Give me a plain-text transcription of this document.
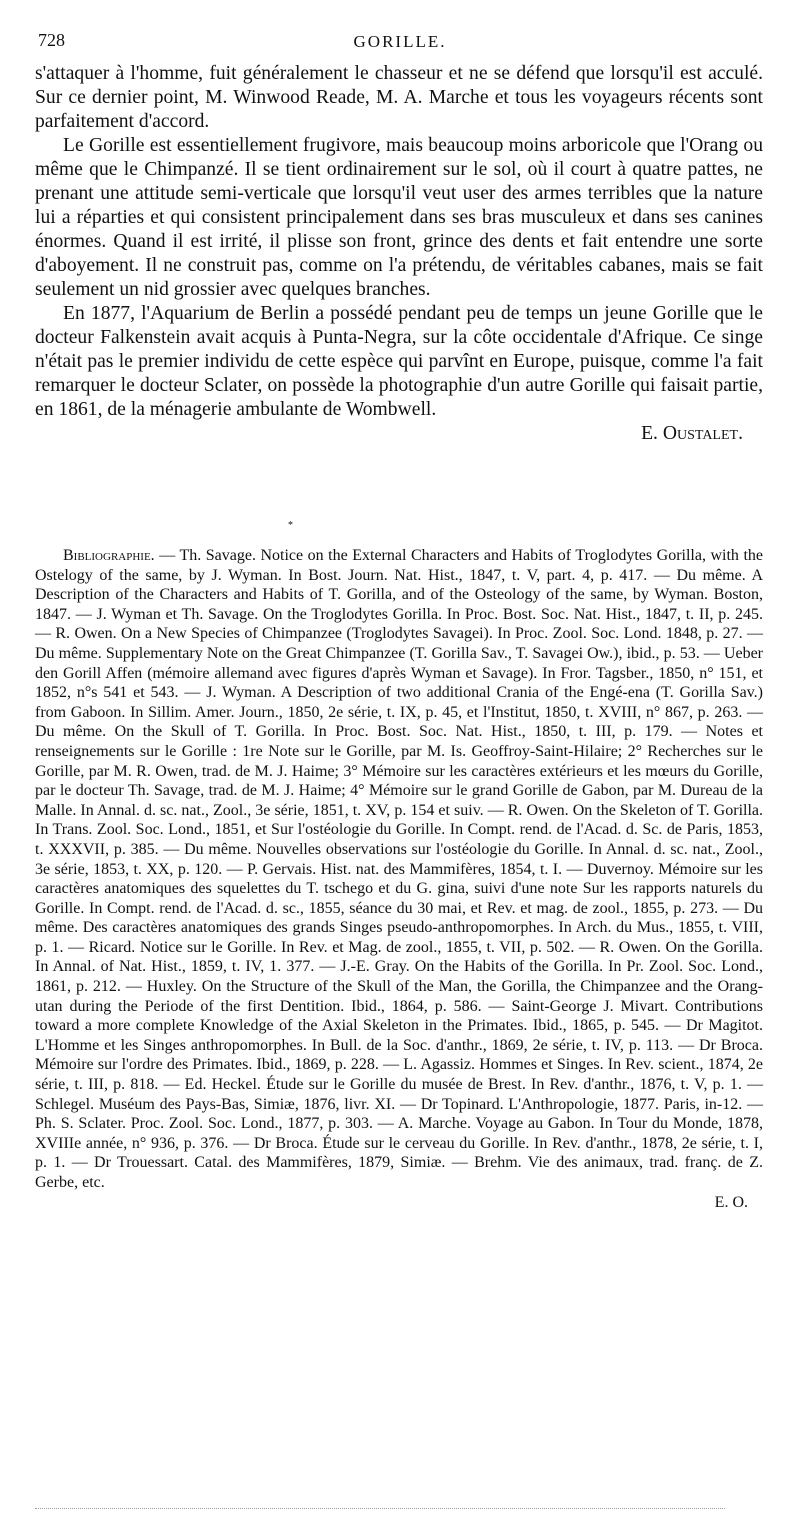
728	GORILLE.

s'attaquer à l'homme, fuit généralement le chasseur et ne se défend que lorsqu'il est acculé. Sur ce dernier point, M. Winwood Reade, M. A. Marche et tous les voyageurs récents sont parfaitement d'accord.

Le Gorille est essentiellement frugivore, mais beaucoup moins arboricole que l'Orang ou même que le Chimpanzé. Il se tient ordinairement sur le sol, où il court à quatre pattes, ne prenant une attitude semi-verticale que lorsqu'il veut user des armes terribles que la nature lui a réparties et qui consistent principalement dans ses bras musculeux et dans ses canines énormes. Quand il est irrité, il plisse son front, grince des dents et fait entendre une sorte d'aboyement. Il ne construit pas, comme on l'a prétendu, de véritables cabanes, mais se fait seulement un nid grossier avec quelques branches.

En 1877, l'Aquarium de Berlin a possédé pendant peu de temps un jeune Gorille que le docteur Falkenstein avait acquis à Punta-Negra, sur la côte occidentale d'Afrique. Ce singe n'était pas le premier individu de cette espèce qui parvînt en Europe, puisque, comme l'a fait remarquer le docteur Sclater, on possède la photographie d'un autre Gorille qui faisait partie, en 1861, de la ménagerie ambulante de Wombwell.

E. Oustalet.
*
Bibliographie. — Th. Savage. Notice on the External Characters and Habits of Troglodytes Gorilla, with the Ostelogy of the same, by J. Wyman. In Bost. Journ. Nat. Hist., 1847, t. V, part. 4, p. 417. — Du même. A Description of the Characters and Habits of T. Gorilla, and of the Osteology of the same, by Wyman. Boston, 1847. — J. Wyman et Th. Savage. On the Troglodytes Gorilla. In Proc. Bost. Soc. Nat. Hist., 1847, t. II, p. 245. — R. Owen. On a New Species of Chimpanzee (Troglodytes Savagei). In Proc. Zool. Soc. Lond. 1848, p. 27. — Du même. Supplementary Note on the Great Chimpanzee (T. Gorilla Sav., T. Savagei Ow.), ibid., p. 53. — Ueber den Gorill Affen (mémoire allemand avec figures d'après Wyman et Savage). In Fror. Tagsber., 1850, n° 151, et 1852, n°s 541 et 543. — J. Wyman. A Description of two additional Crania of the Engé-ena (T. Gorilla Sav.) from Gaboon. In Sillim. Amer. Journ., 1850, 2e série, t. IX, p. 45, et l'Institut, 1850, t. XVIII, n° 867, p. 263. — Du même. On the Skull of T. Gorilla. In Proc. Bost. Soc. Nat. Hist., 1850, t. III, p. 179. — Notes et renseignements sur le Gorille : 1re Note sur le Gorille, par M. Is. Geoffroy-Saint-Hilaire; 2° Recherches sur le Gorille, par M. R. Owen, trad. de M. J. Haime; 3° Mémoire sur les caractères extérieurs et les mœurs du Gorille, par le docteur Th. Savage, trad. de M. J. Haime; 4° Mémoire sur le grand Gorille de Gabon, par M. Dureau de la Malle. In Annal. d. sc. nat., Zool., 3e série, 1851, t. XV, p. 154 et suiv. — R. Owen. On the Skeleton of T. Gorilla. In Trans. Zool. Soc. Lond., 1851, et Sur l'ostéologie du Gorille. In Compt. rend. de l'Acad. d. Sc. de Paris, 1853, t. XXXVII, p. 385. — Du même. Nouvelles observations sur l'ostéologie du Gorille. In Annal. d. sc. nat., Zool., 3e série, 1853, t. XX, p. 120. — P. Gervais. Hist. nat. des Mammifères, 1854, t. I. — Duvernoy. Mémoire sur les caractères anatomiques des squelettes du T. tschego et du G. gina, suivi d'une note Sur les rapports naturels du Gorille. In Compt. rend. de l'Acad. d. sc., 1855, séance du 30 mai, et Rev. et mag. de zool., 1855, p. 273. — Du même. Des caractères anatomiques des grands Singes pseudo-anthropomorphes. In Arch. du Mus., 1855, t. VIII, p. 1. — Ricard. Notice sur le Gorille. In Rev. et Mag. de zool., 1855, t. VII, p. 502. — R. Owen. On the Gorilla. In Annal. of Nat. Hist., 1859, t. IV, 1. 377. — J.-E. Gray. On the Habits of the Gorilla. In Pr. Zool. Soc. Lond., 1861, p. 212. — Huxley. On the Structure of the Skull of the Man, the Gorilla, the Chimpanzee and the Orang-utan during the Periode of the first Dentition. Ibid., 1864, p. 586. — Saint-George J. Mivart. Contributions toward a more complete Knowledge of the Axial Skeleton in the Primates. Ibid., 1865, p. 545. — Dr Magitot. L'Homme et les Singes anthropomorphes. In Bull. de la Soc. d'anthr., 1869, 2e série, t. IV, p. 113. — Dr Broca. Mémoire sur l'ordre des Primates. Ibid., 1869, p. 228. — L. Agassiz. Hommes et Singes. In Rev. scient., 1874, 2e série, t. III, p. 818. — Ed. Heckel. Étude sur le Gorille du musée de Brest. In Rev. d'anthr., 1876, t. V, p. 1. — Schlegel. Muséum des Pays-Bas, Simiæ, 1876, livr. XI. — Dr Topinard. L'Anthropologie, 1877. Paris, in-12. — Ph. S. Sclater. Proc. Zool. Soc. Lond., 1877, p. 303. — A. Marche. Voyage au Gabon. In Tour du Monde, 1878, XVIIIe année, n° 936, p. 376. — Dr Broca. Étude sur le cerveau du Gorille. In Rev. d'anthr., 1878, 2e série, t. I, p. 1. — Dr Trouessart. Catal. des Mammifères, 1879, Simiæ. — Brehm. Vie des animaux, trad. franç. de Z. Gerbe, etc.
E. O.
